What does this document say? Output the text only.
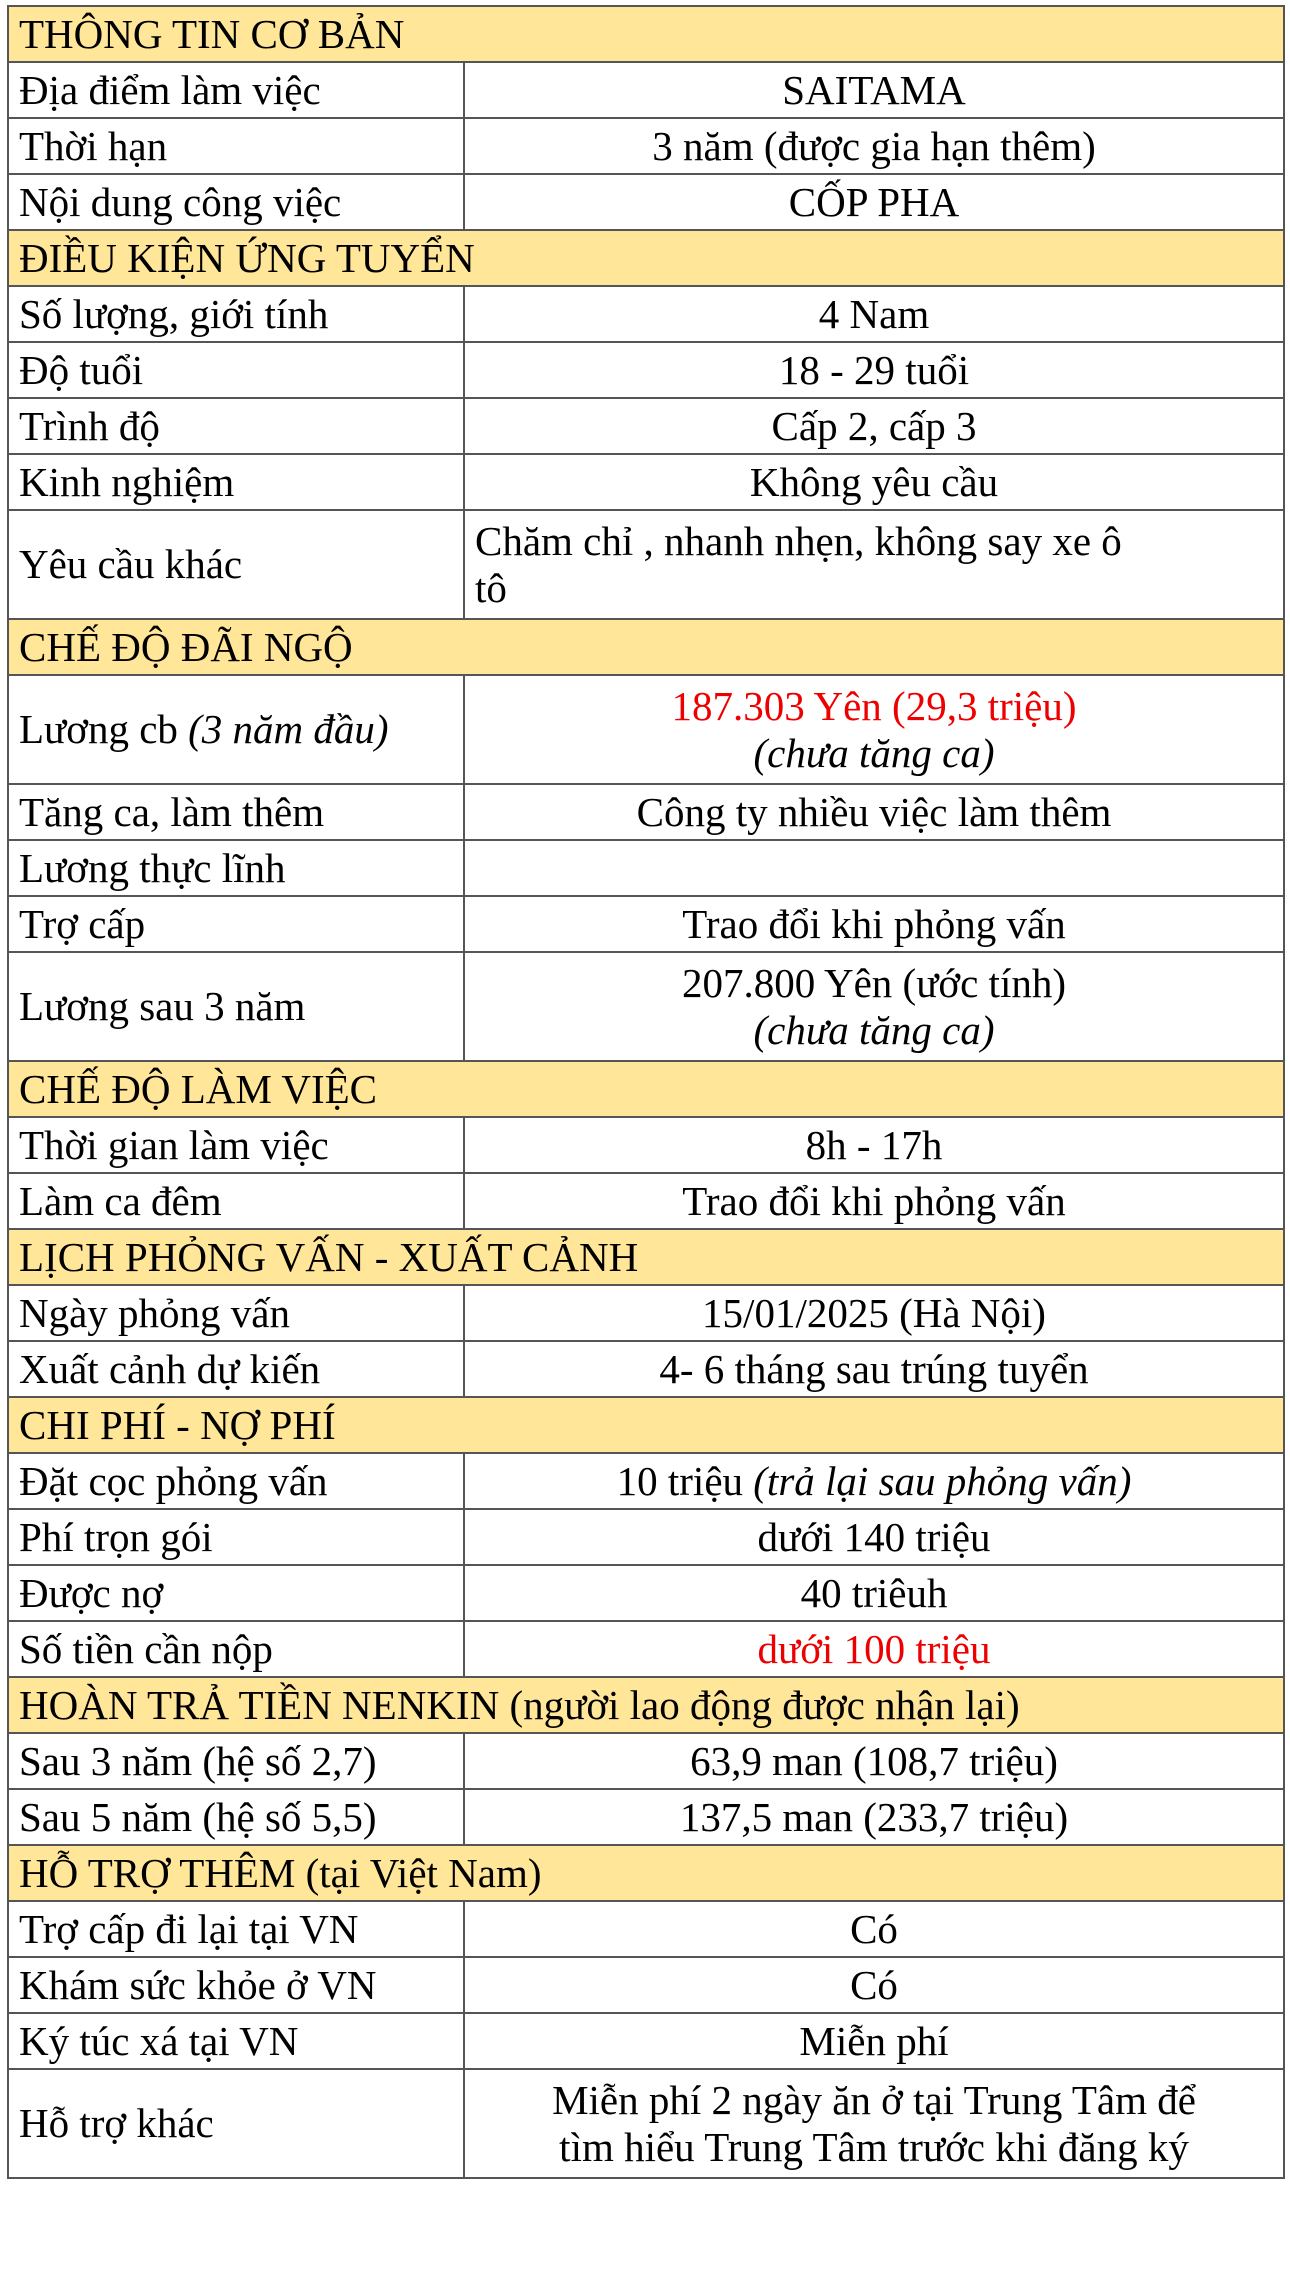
THÔNG TIN CƠ BẢN	
Địa điểm làm việc	SAITAMA
Thời hạn	3 năm (được gia hạn thêm)
Nội dung công việc	CỐP PHA
ĐIỀU KIỆN ỨNG TUYỂN	
Số lượng, giới tính	4 Nam
Độ tuổi	18 - 29 tuổi
Trình độ	Cấp 2, cấp 3
Kinh nghiệm	Không yêu cầu
Yêu cầu khác	Chăm chỉ , nhanh nhẹn, không say xe ô
tô

CHẾ ĐỘ ĐÃI NGỘ	
Lương cb (3 năm đầu)	187.303 Yên (29,3 triệu)
(chưa tăng ca)

Tăng ca, làm thêm	Công ty nhiều việc làm thêm
Lương thực lĩnh	
Trợ cấp	Trao đổi khi phỏng vấn
Lương sau 3 năm	207.800 Yên (ước tính)
(chưa tăng ca)

CHẾ ĐỘ LÀM VIỆC	
Thời gian làm việc	8h - 17h
Làm ca đêm	Trao đổi khi phỏng vấn
LỊCH PHỎNG VẤN - XUẤT CẢNH	
Ngày phỏng vấn	15/01/2025 (Hà Nội)
Xuất cảnh dự kiến	4- 6 tháng sau trúng tuyển
CHI PHÍ - NỢ PHÍ	
Đặt cọc phỏng vấn	10 triệu (trả lại sau phỏng vấn)
Phí trọn gói	dưới 140 triệu
Được nợ	40 triêuh
Số tiền cần nộp	dưới 100 triệu
HOÀN TRẢ TIỀN NENKIN (người lao động được nhận lại)	
Sau 3 năm (hệ số 2,7)	63,9 man (108,7 triệu)
Sau 5 năm (hệ số 5,5)	137,5 man (233,7 triệu)
HỖ TRỢ THÊM (tại Việt Nam)	
Trợ cấp đi lại tại VN	Có
Khám sức khỏe ở VN	Có
Ký túc xá tại VN	Miễn phí
Hỗ trợ khác	Miễn phí 2 ngày ăn ở tại Trung Tâm để
tìm hiểu Trung Tâm trước khi đăng ký
